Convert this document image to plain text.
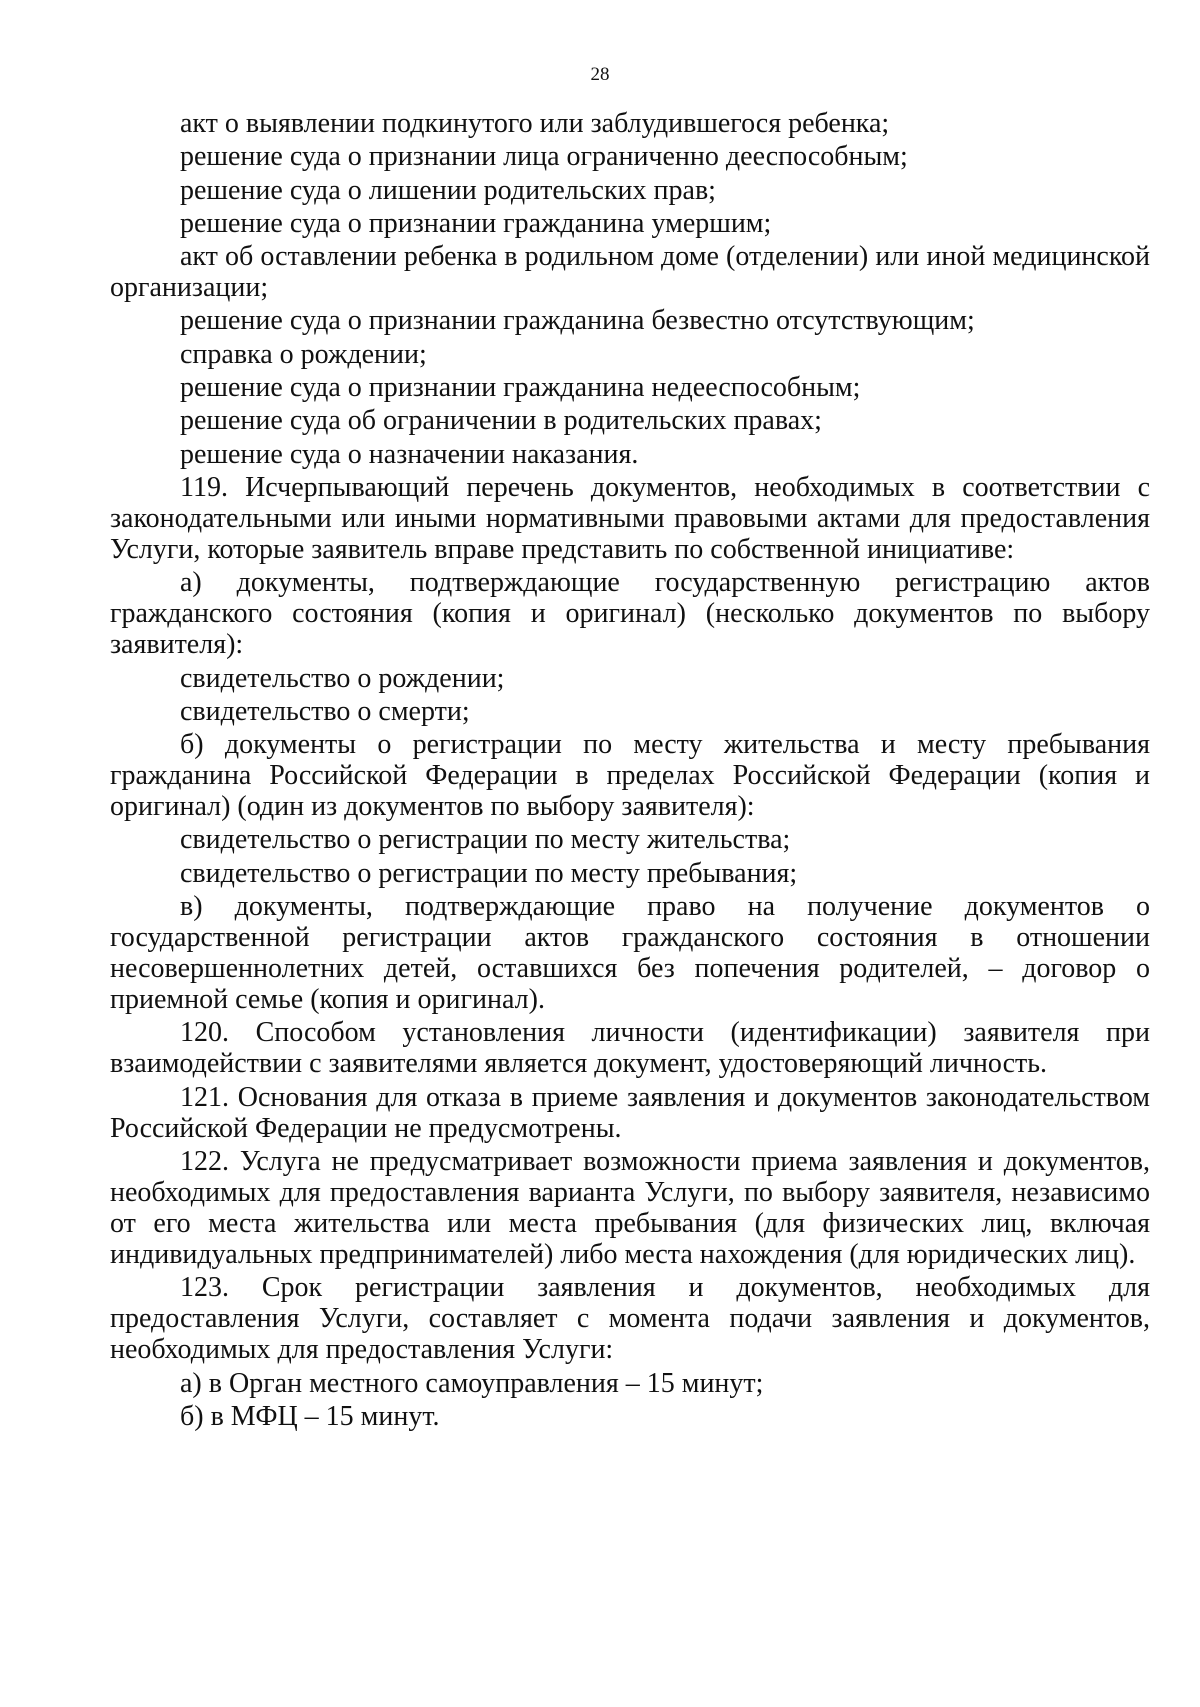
28
акт о выявлении подкинутого или заблудившегося ребенка;
решение суда о признании лица ограниченно дееспособным;
решение суда о лишении родительских прав;
решение суда о признании гражданина умершим;
акт об оставлении ребенка в родильном доме (отделении) или иной медицинской организации;
решение суда о признании гражданина безвестно отсутствующим;
справка о рождении;
решение суда о признании гражданина недееспособным;
решение суда об ограничении в родительских правах;
решение суда о назначении наказания.
119. Исчерпывающий перечень документов, необходимых в соответствии с законодательными или иными нормативными правовыми актами для предоставления Услуги, которые заявитель вправе представить по собственной инициативе:
а) документы, подтверждающие государственную регистрацию актов гражданского состояния (копия и оригинал) (несколько документов по выбору заявителя):
свидетельство о рождении;
свидетельство о смерти;
б) документы о регистрации по месту жительства и месту пребывания гражданина Российской Федерации в пределах Российской Федерации (копия и оригинал) (один из документов по выбору заявителя):
свидетельство о регистрации по месту жительства;
свидетельство о регистрации по месту пребывания;
в) документы, подтверждающие право на получение документов о государственной регистрации актов гражданского состояния в отношении несовершеннолетних детей, оставшихся без попечения родителей, – договор о приемной семье (копия и оригинал).
120. Способом установления личности (идентификации) заявителя при взаимодействии с заявителями является документ, удостоверяющий личность.
121. Основания для отказа в приеме заявления и документов законодательством Российской Федерации не предусмотрены.
122. Услуга не предусматривает возможности приема заявления и документов, необходимых для предоставления варианта Услуги, по выбору заявителя, независимо от его места жительства или места пребывания (для физических лиц, включая индивидуальных предпринимателей) либо места нахождения (для юридических лиц).
123. Срок регистрации заявления и документов, необходимых для предоставления Услуги, составляет с момента подачи заявления и документов, необходимых для предоставления Услуги:
а) в Орган местного самоуправления – 15 минут;
б) в МФЦ – 15 минут.
